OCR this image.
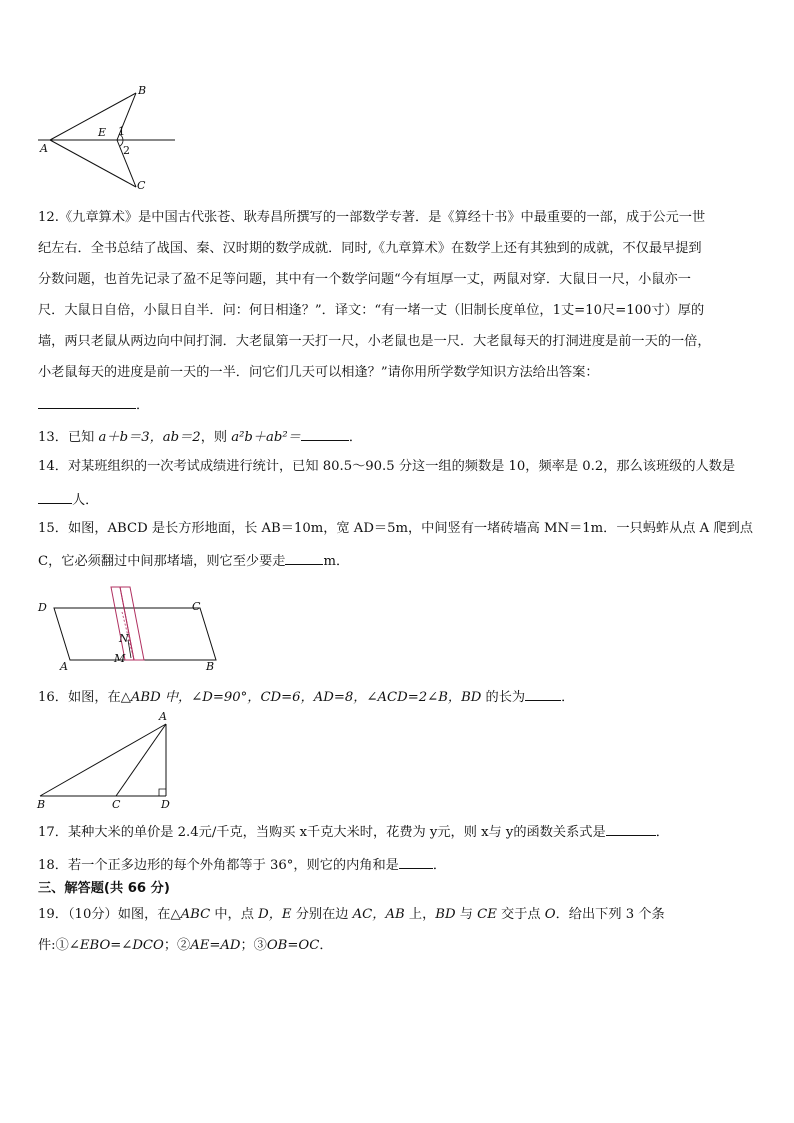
A
B
C
E 1
2
12.《九章算术》是中国古代张苍、耿寿昌所撰写的一部数学专著．是《算经十书》中最重要的一部，成于公元一世
纪左右．全书总结了战国、秦、汉时期的数学成就．同时,《九章算术》在数学上还有其独到的成就，不仅最早提到
分数问题，也首先记录了盈不足等问题，其中有一个数学问题“今有垣厚一丈，两鼠对穿．大鼠日一尺，小鼠亦一
尺．大鼠日自倍，小鼠日自半．问：何日相逢？”．译文：“有一堵一丈（旧制长度单位，1丈=10尺=100寸）厚的
墙，两只老鼠从两边向中间打洞．大老鼠第一天打一尺，小老鼠也是一尺．大老鼠每天的打洞进度是前一天的一倍，
小老鼠每天的进度是前一天的一半．问它们几天可以相逢？”请你用所学数学知识方法给出答案：
．
13．已知 a＋b＝3，ab＝2，则 a²b＋ab²＝	．
14．对某班组织的一次考试成绩进行统计，已知 80.5～90.5 分这一组的频数是 10，频率是 0.2，那么该班级的人数是
人．
15．如图，ABCD 是长方形地面，长 AB＝10m，宽 AD＝5m，中间竖有一堵砖墙高 MN＝1m．一只蚂蚱从点 A 爬到点
C，它必须翻过中间那堵墙，则它至少要走	m．
D	C
A	B
N
M
16．如图，在△ABD 中，∠D=90°，CD=6，AD=8，∠ACD=2∠B，BD 的长为	．
A
B	C	D
17．某种大米的单价是 2.4元/千克，当购买 x千克大米时，花费为 y元，则 x与 y的函数关系式是	．
18．若一个正多边形的每个外角都等于 36°，则它的内角和是	．
三、解答题(共 66 分)
19．（10分）如图，在△ABC 中，点 D，E 分别在边 AC，AB 上，BD 与 CE 交于点 O．给出下列 3 个条
件:①∠EBO=∠DCO；②AE=AD；③OB=OC．
